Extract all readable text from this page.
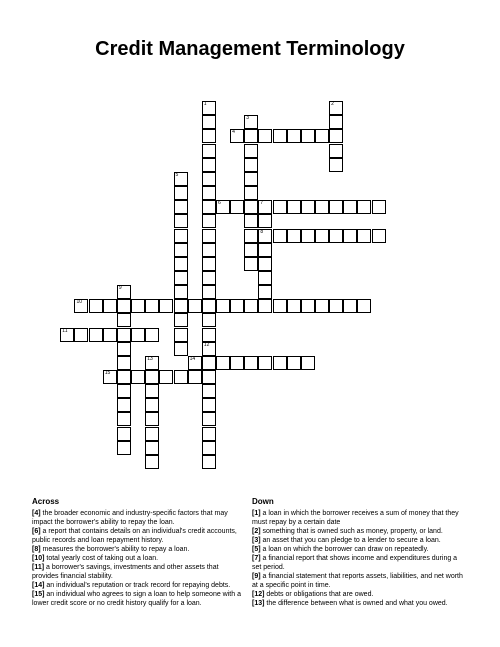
Credit Management Terminology
1
12
2
3
4
5
6	7
8
9
10
11
13	14
15
Across
[4] the broader economic and industry-specific factors that may impact the borrower's ability to repay the loan.
[6] a report that contains details on an individual's credit accounts, public records and loan repayment history.
[8] measures the borrower's ability to repay a loan.
[10] total yearly cost of taking out a loan.
[11] a borrower's savings, investments and other assets that provides financial stability.
[14] an individual's reputation or track record for repaying debts.
[15] an individual who agrees to sign a loan to help someone with a lower credit score or no credit history qualify for a loan.
Down
[1] a loan in which the borrower receives a sum of money that they must repay by a certain date
[2] something that is owned such as money, property, or land.
[3] an asset that you can pledge to a lender to secure a loan.
[5] a loan on which the borrower can draw on repeatedly.
[7] a financial report that shows income and expenditures during a set period.
[9] a financial statement that reports assets, liabilities, and net worth at a specific point in time.
[12] debts or obligations that are owed.
[13] the difference between what is owned and what you owed.
